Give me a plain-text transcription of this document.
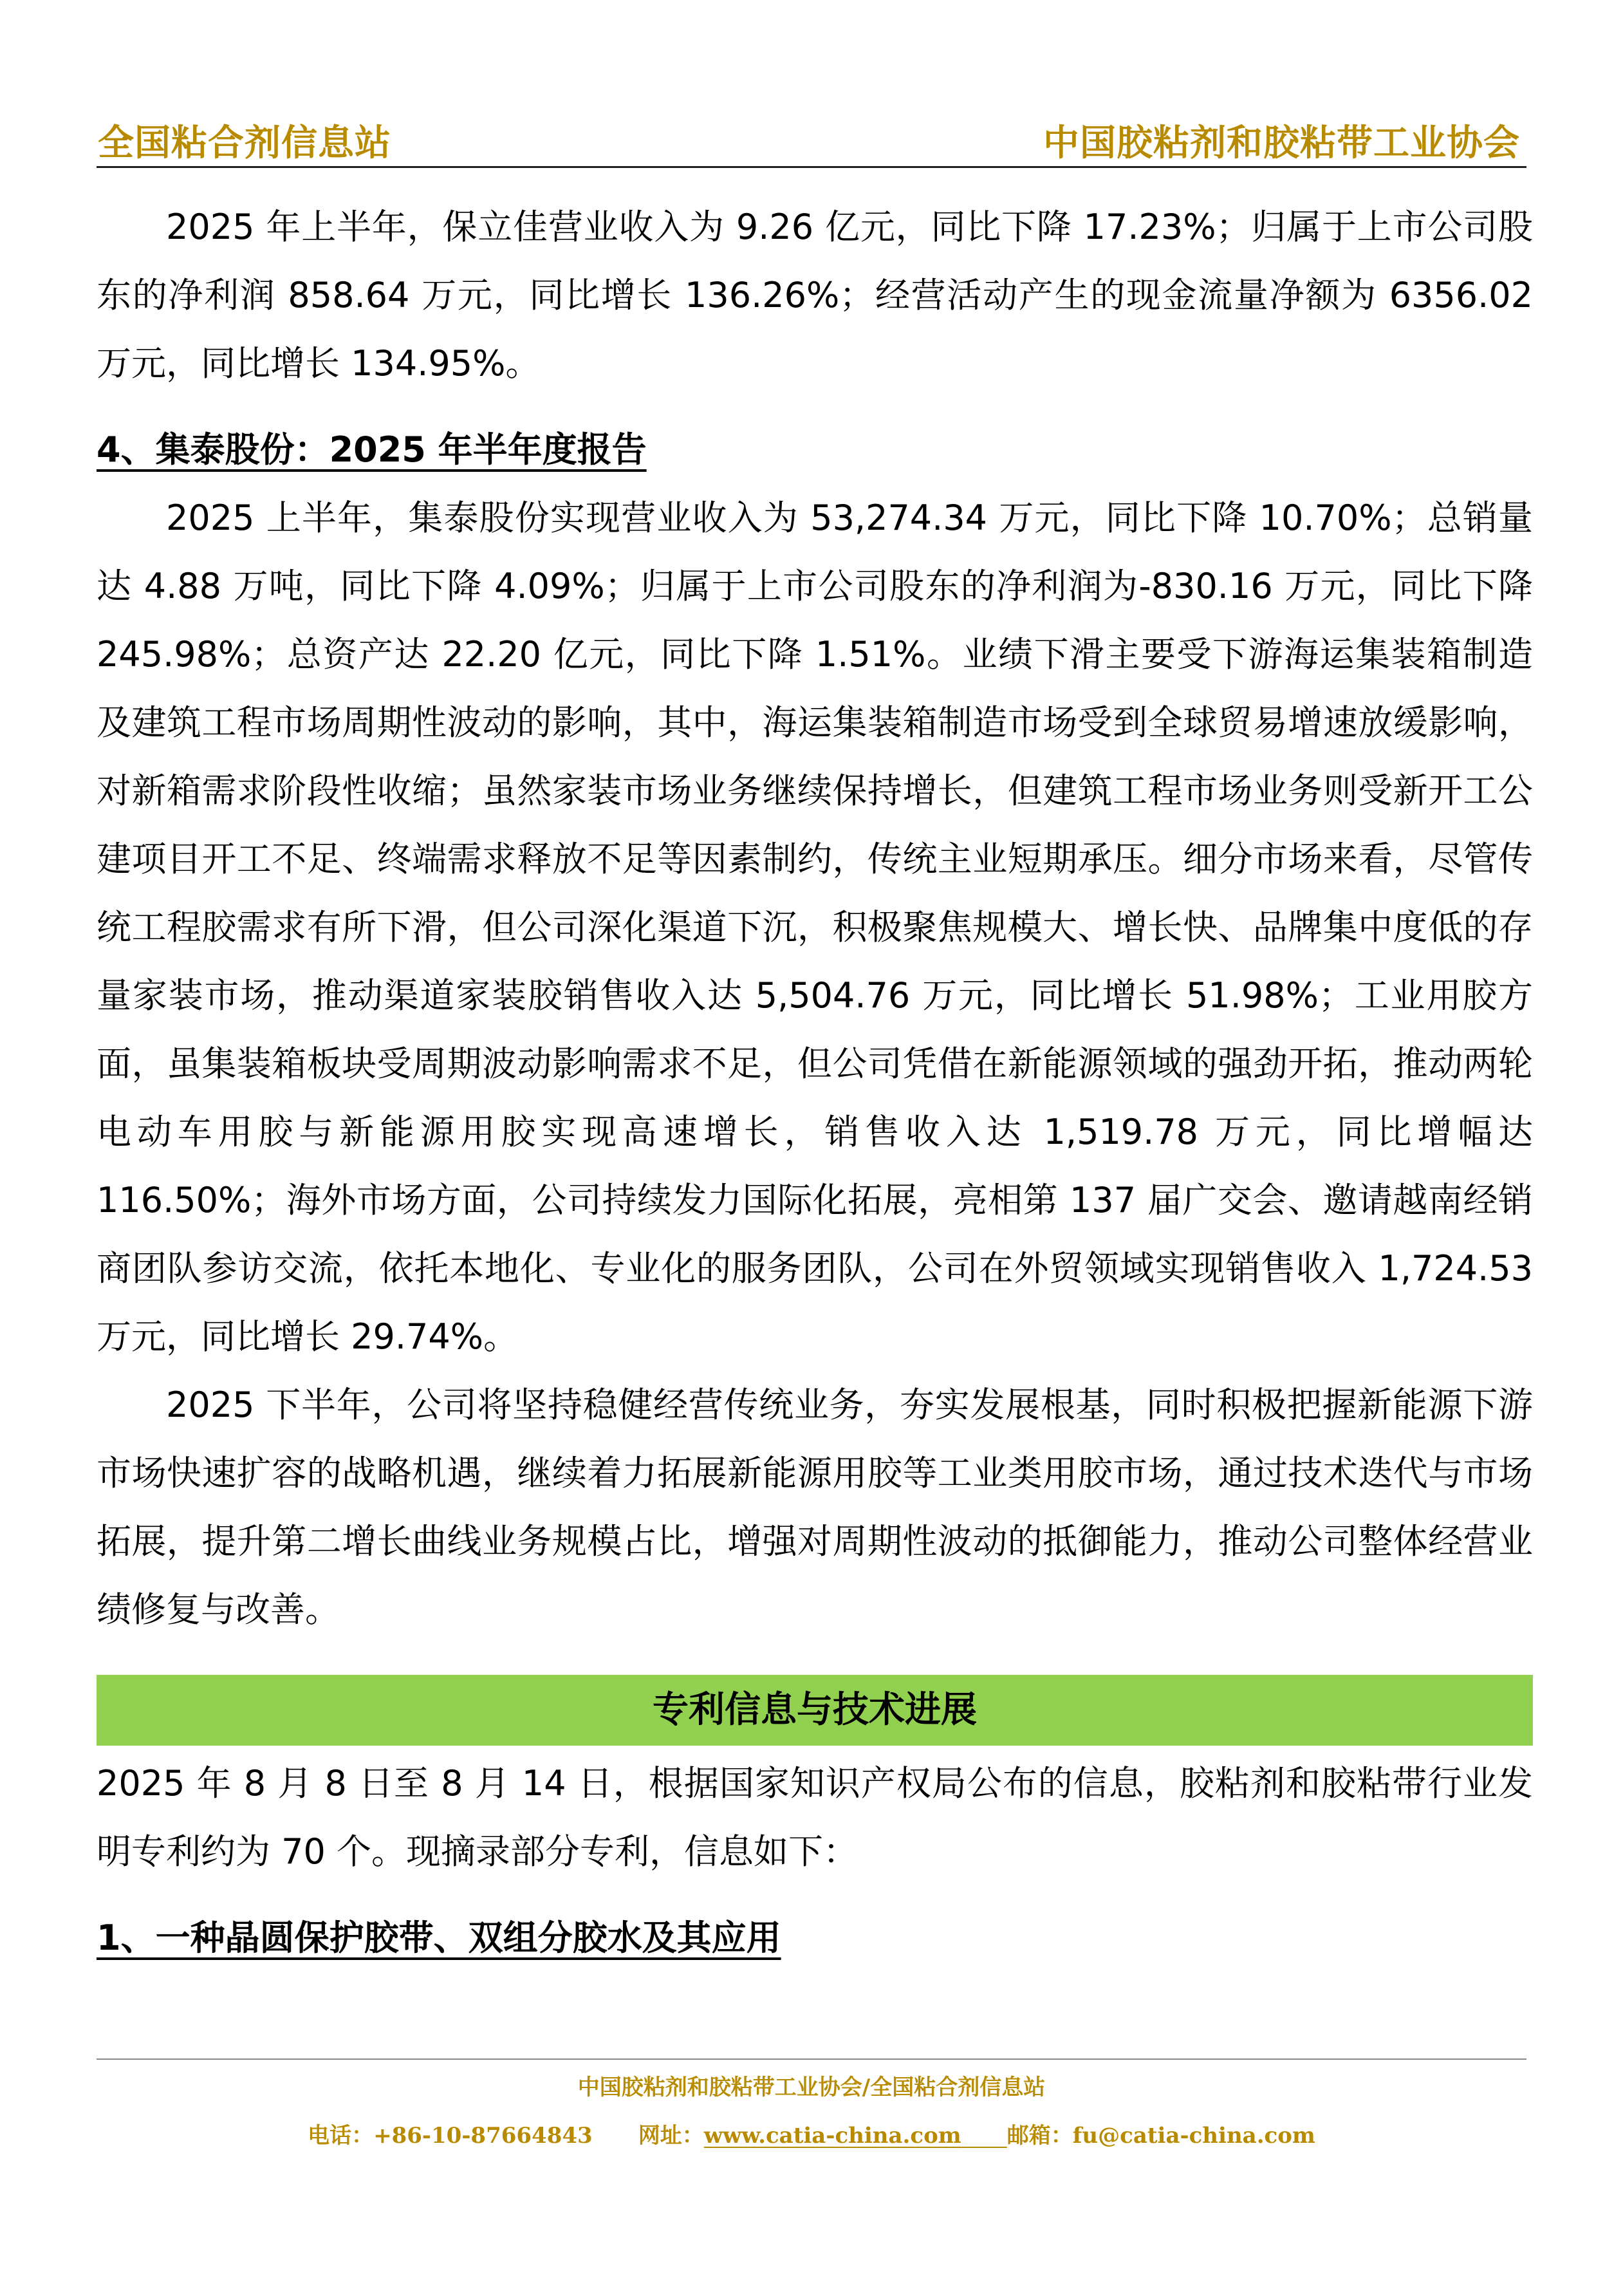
全国粘合剂信息站	中国胶粘剂和胶粘带工业协会

2025 年上半年，保立佳营业收入为 9.26 亿元，同比下降 17.23%；归属于上市公司股东的净利润 858.64 万元，同比增长 136.26%；经营活动产生的现金流量净额为 6356.02 万元，同比增长 134.95%。

4、集泰股份：2025 年半年度报告

2025 上半年，集泰股份实现营业收入为 53,274.34 万元，同比下降 10.70%；总销量达 4.88 万吨，同比下降 4.09%；归属于上市公司股东的净利润为-830.16 万元，同比下降 245.98%；总资产达 22.20 亿元，同比下降 1.51%。业绩下滑主要受下游海运集装箱制造及建筑工程市场周期性波动的影响，其中，海运集装箱制造市场受到全球贸易增速放缓影响，对新箱需求阶段性收缩；虽然家装市场业务继续保持增长，但建筑工程市场业务则受新开工公建项目开工不足、终端需求释放不足等因素制约，传统主业短期承压。细分市场来看，尽管传统工程胶需求有所下滑，但公司深化渠道下沉，积极聚焦规模大、增长快、品牌集中度低的存量家装市场，推动渠道家装胶销售收入达 5,504.76 万元，同比增长 51.98%；工业用胶方面，虽集装箱板块受周期波动影响需求不足，但公司凭借在新能源领域的强劲开拓，推动两轮电动车用胶与新能源用胶实现高速增长，销售收入达 1,519.78 万元，同比增幅达 116.50%；海外市场方面，公司持续发力国际化拓展，亮相第 137 届广交会、邀请越南经销商团队参访交流，依托本地化、专业化的服务团队，公司在外贸领域实现销售收入 1,724.53 万元，同比增长 29.74%。

2025 下半年，公司将坚持稳健经营传统业务，夯实发展根基，同时积极把握新能源下游市场快速扩容的战略机遇，继续着力拓展新能源用胶等工业类用胶市场，通过技术迭代与市场拓展，提升第二增长曲线业务规模占比，增强对周期性波动的抵御能力，推动公司整体经营业绩修复与改善。

专利信息与技术进展

2025 年 8 月 8 日至 8 月 14 日，根据国家知识产权局公布的信息，胶粘剂和胶粘带行业发明专利约为 70 个。现摘录部分专利，信息如下：

1、一种晶圆保护胶带、双组分胶水及其应用

中国胶粘剂和胶粘带工业协会/全国粘合剂信息站
电话：+86-10-87664843 网址：www.catia-china.com 邮箱：fu@catia-china.com
